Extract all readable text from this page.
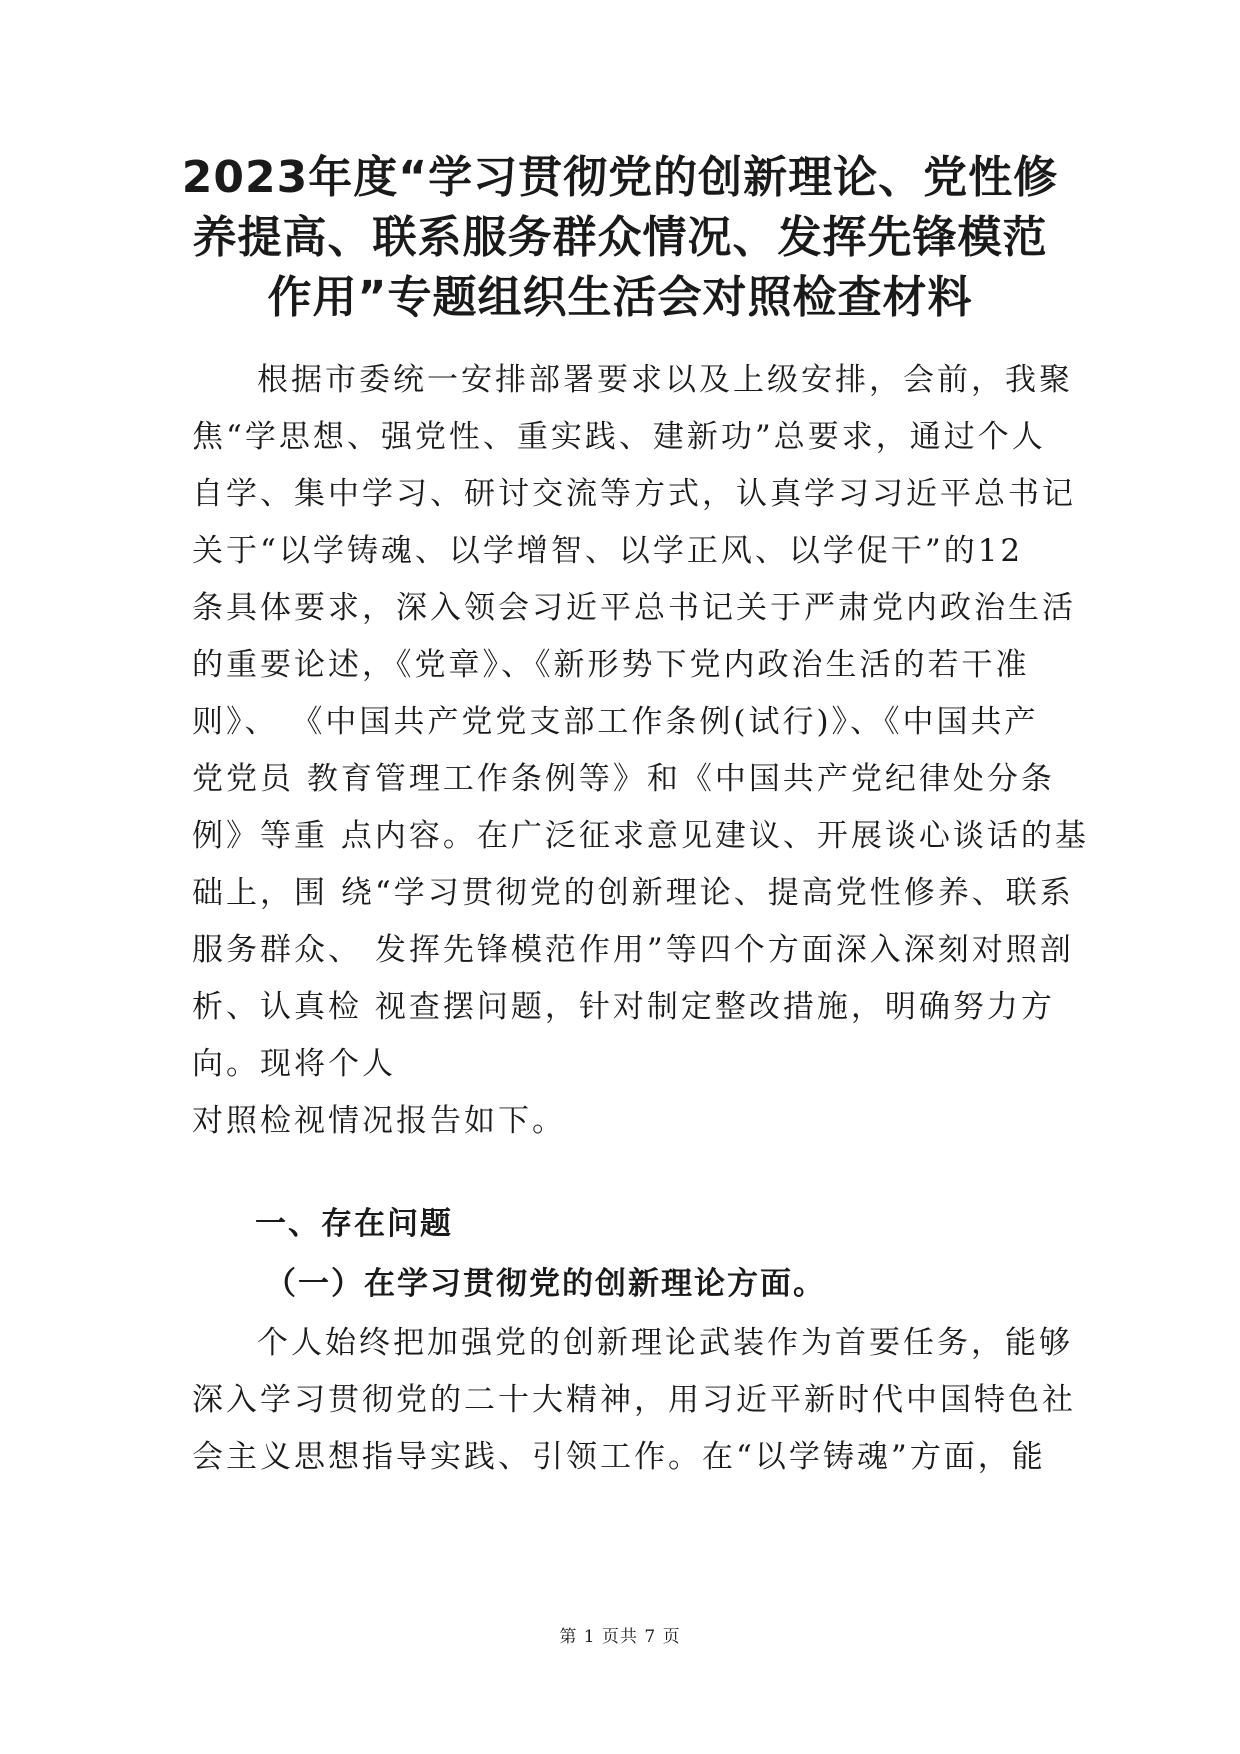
2023年度“学习贯彻党的创新理论、党性修
养提高、联系服务群众情况、发挥先锋模范
作用”专题组织生活会对照检查材料
根据市委统一安排部署要求以及上级安排，会前，我聚
焦“学思想、强党性、重实践、建新功”总要求，通过个人
自学、集中学习、研讨交流等方式，认真学习习近平总书记
关于“以学铸魂、以学增智、以学正风、以学促干”的12
条具体要求，深入领会习近平总书记关于严肃党内政治生活
的重要论述，《党章》、《新形势下党内政治生活的若干准
则》、 《中国共产党党支部工作条例(试行)》、《中国共产
党党员 教育管理工作条例等》和《中国共产党纪律处分条
例》等重 点内容。在广泛征求意见建议、开展谈心谈话的基
础上，围 绕“学习贯彻党的创新理论、提高党性修养、联系
服务群众、 发挥先锋模范作用”等四个方面深入深刻对照剖
析、认真检 视查摆问题，针对制定整改措施，明确努力方
向。现将个人
对照检视情况报告如下。
一、存在问题
（一）在学习贯彻党的创新理论方面。
个人始终把加强党的创新理论武装作为首要任务，能够
深入学习贯彻党的二十大精神，用习近平新时代中国特色社
会主义思想指导实践、引领工作。在“以学铸魂”方面，能
第 1 页共 7 页
